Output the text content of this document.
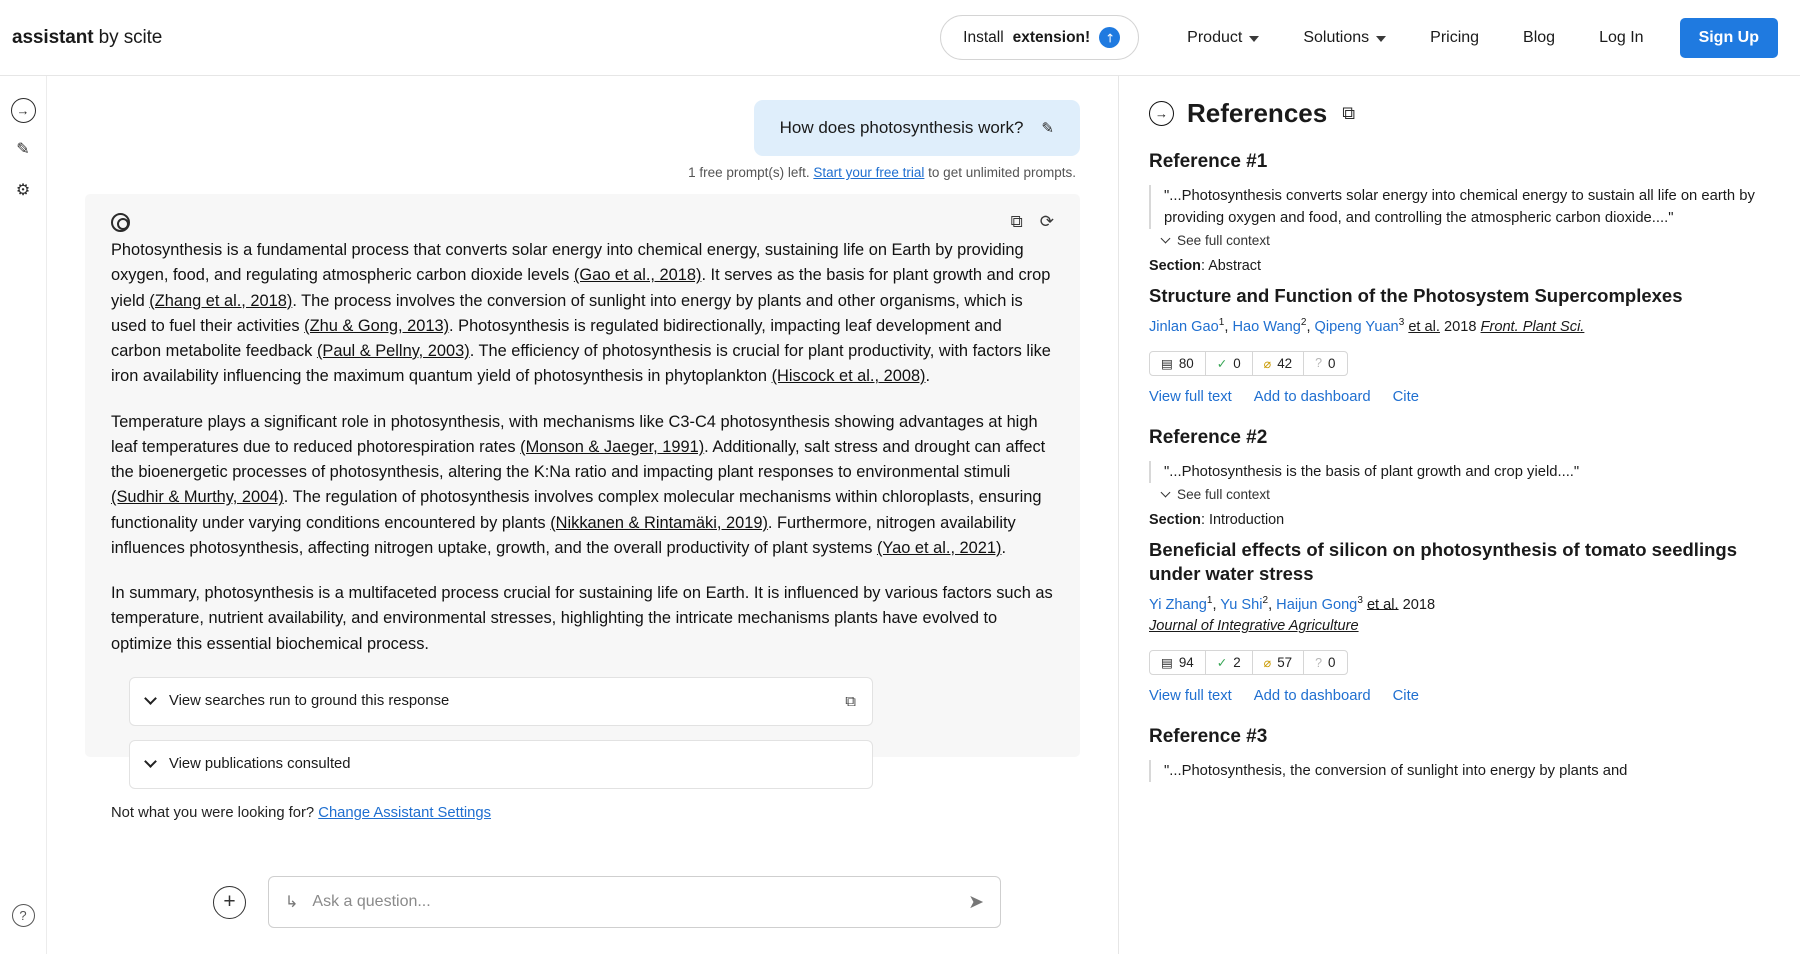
assistant by scite	Install extension! ↗	Product	Solutions	Pricing	Blog	Log In	Sign Up
→
✎
⚙
?
How does photosynthesis work? ✎
1 free prompt(s) left. Start your free trial to get unlimited prompts.
⧉ ⟳

Photosynthesis is a fundamental process that converts solar energy into chemical energy, sustaining life on Earth by providing oxygen, food, and regulating atmospheric carbon dioxide levels (Gao et al., 2018). It serves as the basis for plant growth and crop yield (Zhang et al., 2018). The process involves the conversion of sunlight into energy by plants and other organisms, which is used to fuel their activities (Zhu & Gong, 2013). Photosynthesis is regulated bidirectionally, impacting leaf development and carbon metabolite feedback (Paul & Pellny, 2003). The efficiency of photosynthesis is crucial for plant productivity, with factors like iron availability influencing the maximum quantum yield of photosynthesis in phytoplankton (Hiscock et al., 2008).

Temperature plays a significant role in photosynthesis, with mechanisms like C3-C4 photosynthesis showing advantages at high leaf temperatures due to reduced photorespiration rates (Monson & Jaeger, 1991). Additionally, salt stress and drought can affect the bioenergetic processes of photosynthesis, altering the K:Na ratio and impacting plant responses to environmental stimuli (Sudhir & Murthy, 2004). The regulation of photosynthesis involves complex molecular mechanisms within chloroplasts, ensuring functionality under varying conditions encountered by plants (Nikkanen & Rintamäki, 2019). Furthermore, nitrogen availability influences photosynthesis, affecting nitrogen uptake, growth, and the overall productivity of plant systems (Yao et al., 2021).

In summary, photosynthesis is a multifaceted process crucial for sustaining life on Earth. It is influenced by various factors such as temperature, nutrient availability, and environmental stresses, highlighting the intricate mechanisms plants have evolved to optimize this essential biochemical process.

View searches run to ground this response	⧉
View publications consulted
Not what you were looking for? Change Assistant Settings
+	↳
Ask a question...	➤
→ References ⧉
Reference #1
"...Photosynthesis converts solar energy into chemical energy to sustain all life on earth by providing oxygen and food, and controlling the atmospheric carbon dioxide...."
See full context
Section: Abstract
Structure and Function of the Photosystem Supercomplexes
Jinlan Gao$^1$, Hao Wang$^2$, Qipeng Yuan$^3$ et al. 2018 Front. Plant Sci.
▤ 80 ✓ 0 ⌀ 42 ? 0
View full text Add to dashboard Cite
Reference #2
"...Photosynthesis is the basis of plant growth and crop yield...."
See full context
Section: Introduction
Beneficial effects of silicon on photosynthesis of tomato seedlings under water stress
Yi Zhang$^1$, Yu Shi$^2$, Haijun Gong$^3$ et al. 2018
Journal of Integrative Agriculture
▤ 94 ✓ 2 ⌀ 57 ? 0
View full text Add to dashboard Cite
Reference #3
"...Photosynthesis, the conversion of sunlight into energy by plants and
